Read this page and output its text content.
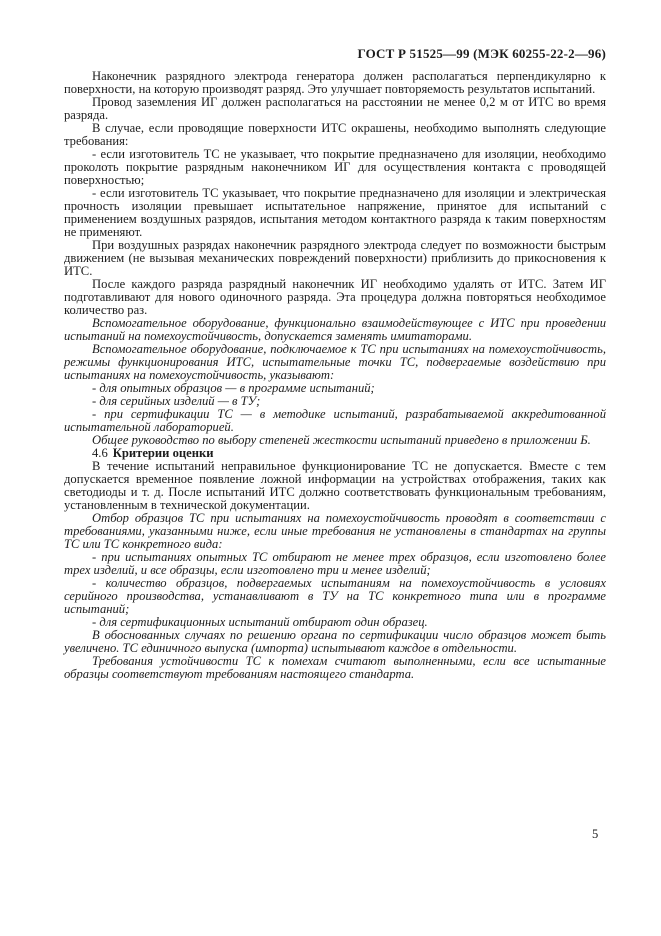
ГОСТ Р 51525—99 (МЭК 60255-22-2—96)

Наконечник разрядного электрода генератора должен располагаться перпендикулярно к поверхности, на которую производят разряд. Это улучшает повторяемость результатов испытаний.

Провод заземления ИГ должен располагаться на расстоянии не менее 0,2 м от ИТС во время разряда.

В случае, если проводящие поверхности ИТС окрашены, необходимо выполнять следующие требования:

- если изготовитель ТС не указывает, что покрытие предназначено для изоляции, необходимо проколоть покрытие разрядным наконечником ИГ для осуществления контакта с проводящей поверхностью;

- если изготовитель ТС указывает, что покрытие предназначено для изоляции и электрическая прочность изоляции превышает испытательное напряжение, принятое для испытаний с применением воздушных разрядов, испытания методом контактного разряда к таким поверхностям не применяют.

При воздушных разрядах наконечник разрядного электрода следует по возможности быстрым движением (не вызывая механических повреждений поверхности) приблизить до прикосновения к ИТС.

После каждого разряда разрядный наконечник ИГ необходимо удалять от ИТС. Затем ИГ подготавливают для нового одиночного разряда. Эта процедура должна повторяться необходимое количество раз.

Вспомогательное оборудование, функционально взаимодействующее с ИТС при проведении испытаний на помехоустойчивость, допускается заменять имитаторами.

Вспомогательное оборудование, подключаемое к ТС при испытаниях на помехоустойчивость, режимы функционирования ИТС, испытательные точки ТС, подвергаемые воздействию при испытаниях на помехоустойчивость, указывают:

- для опытных образцов — в программе испытаний;

- для серийных изделий — в ТУ;

- при сертификации ТС — в методике испытаний, разрабатываемой аккредитованной испытательной лабораторией.

Общее руководство по выбору степеней жесткости испытаний приведено в приложении Б.

4.6 Критерии оценки

В течение испытаний неправильное функционирование ТС не допускается. Вместе с тем допускается временное появление ложной информации на устройствах отображения, таких как светодиоды и т. д. После испытаний ИТС должно соответствовать функциональным требованиям, установленным в технической документации.

Отбор образцов ТС при испытаниях на помехоустойчивость проводят в соответствии с требованиями, указанными ниже, если иные требования не установлены в стандартах на группы ТС или ТС конкретного вида:

- при испытаниях опытных ТС отбирают не менее трех образцов, если изготовлено более трех изделий, и все образцы, если изготовлено три и менее изделий;

- количество образцов, подвергаемых испытаниям на помехоустойчивость в условиях серийного производства, устанавливают в ТУ на ТС конкретного типа или в программе испытаний;

- для сертификационных испытаний отбирают один образец.

В обоснованных случаях по решению органа по сертификации число образцов может быть увеличено. ТС единичного выпуска (импорта) испытывают каждое в отдельности.

Требования устойчивости ТС к помехам считают выполненными, если все испытанные образцы соответствуют требованиям настоящего стандарта.

5
